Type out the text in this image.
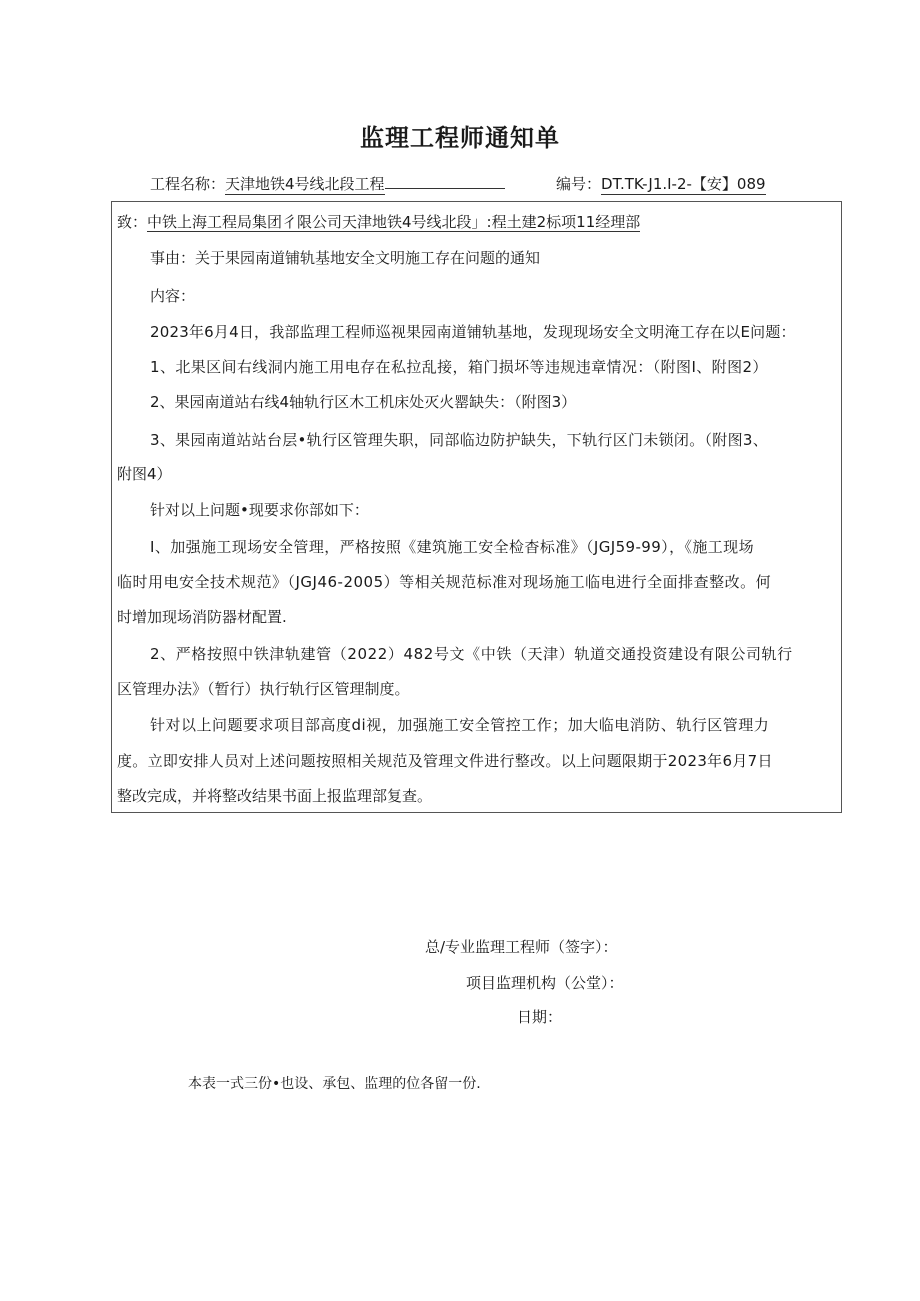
监理工程师通知单
工程名称：天津地铁4号线北段工程	编号：DT.TK-J1.I-2-【安】089
致：中铁上海工程局集团彳限公司天津地铁4号线北段」:程土建2标项11经理部
事由：关于果园南道铺轨基地安全文明施工存在问题的通知
内容：
2023年6月4日，我部监理工程师巡视果园南道铺轨基地，发现现场安全文明淹工存在以E问题：
1、北果区间右线洞内施工用电存在私拉乱接，箱门损坏等违规违章情况：（附图I、附图2）
2、果园南道站右线4轴轨行区木工机床处灭火罂缺失：（附图3）
3、果园南道站站台层•轨行区管理失职，同部临边防护缺失，下轨行区门未锁闭。（附图3、
附图4）
针对以上问题•现要求你部如下：
I、加强施工现场安全管理，严格按照《建筑施工安全检杳标准》（JGJ59-99），《施工现场
临时用电安全技术规范》（JGJ46-2005）等相关规范标准对现场施工临电进行全面排查整改。何
时增加现场消防器材配置.
2、严格按照中铁津轨建管（2022）482号文《中铁（天津）轨道交通投资建设有限公司轨行
区管理办法》（暂行）执行轨行区管理制度。
针对以上问题要求项目部高度di视，加强施工安全管控工作；加大临电消防、轨行区管理力
度。立即安排人员对上述问题按照相关规范及管理文件进行整改。以上问题限期于2023年6月7日
整改完成，并将整改结果书面上报监理部复查。
总/专业监理工程师（签字）：
项目监理机构（公堂）：
日期：
本表一式三份•也设、承包、监理的位各留一份.
